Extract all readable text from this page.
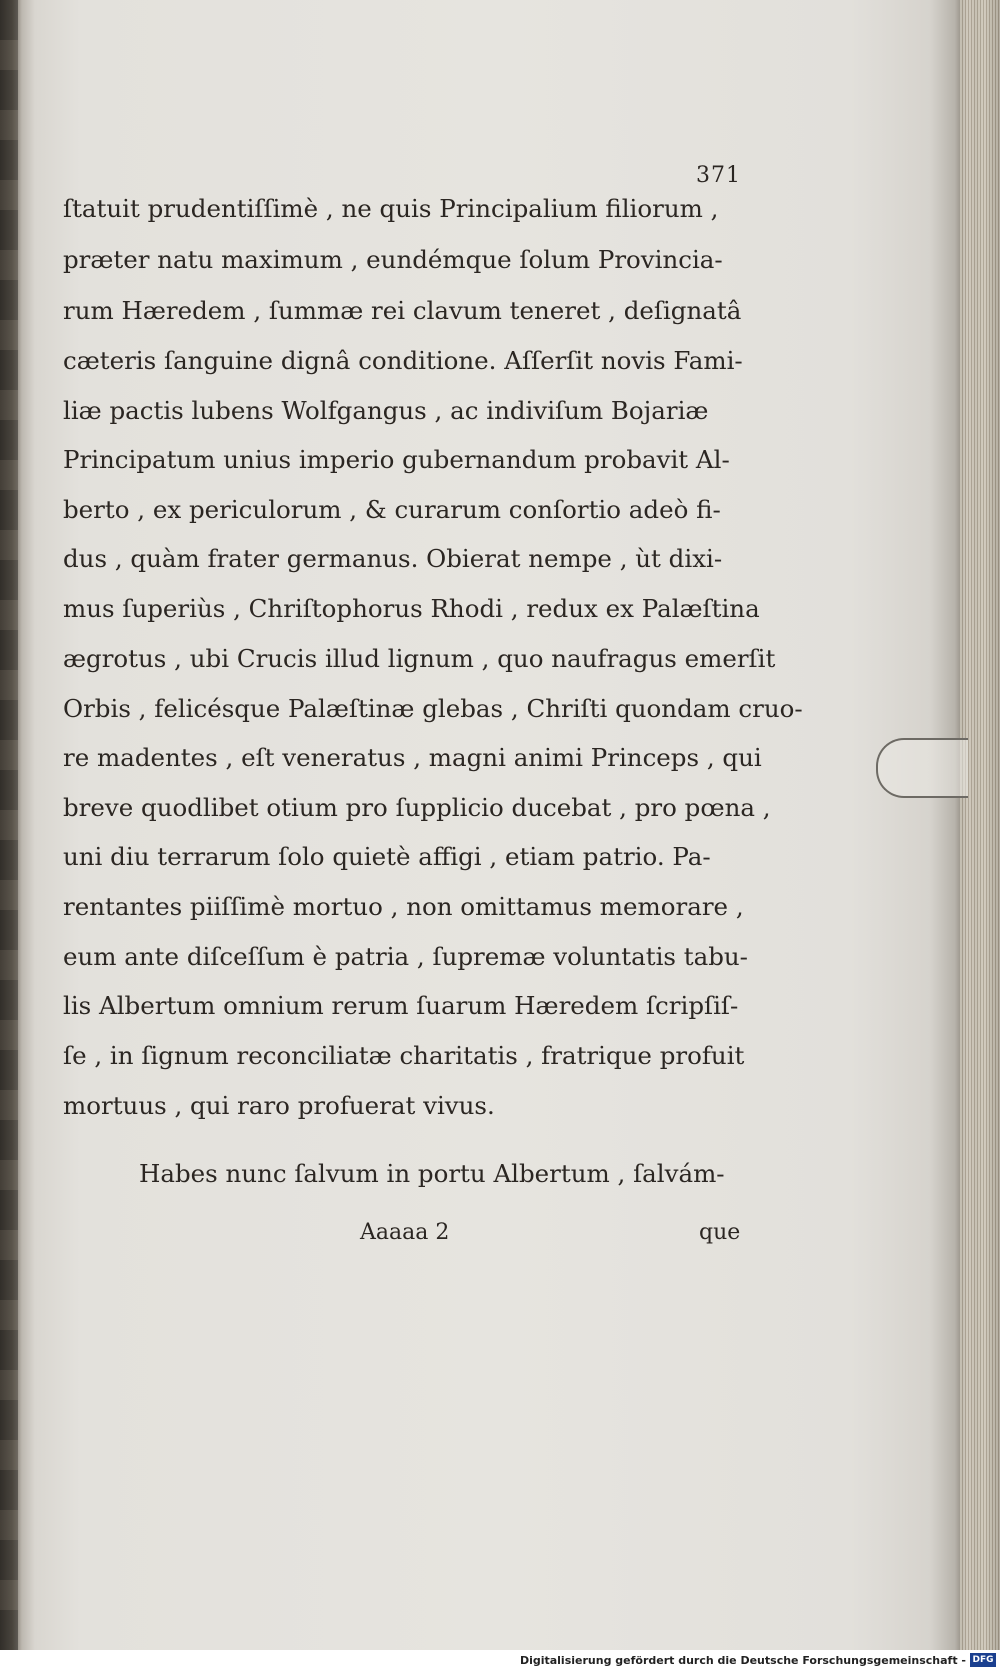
371
ſtatuit prudentiſſimè , ne quis Principalium filiorum ,
præter natu maximum , eundémque ſolum Provincia-
rum Hæredem , ſummæ rei clavum teneret , deſignatâ
cæteris ſanguine dignâ conditione. Aſſerſit novis Fami-
liæ pactis lubens Wolfgangus , ac indiviſum Bojariæ
Principatum unius imperio gubernandum probavit Al-
berto , ex periculorum , & curarum conſortio adeò fi-
dus , quàm frater germanus. Obierat nempe , ùt dixi-
mus ſuperiùs , Chriſtophorus Rhodi , redux ex Palæſtina
ægrotus , ubi Crucis illud lignum , quo naufragus emerſit
Orbis , felicésque Palæſtinæ glebas , Chriſti quondam cruo-
re madentes , eſt veneratus , magni animi Princeps , qui
breve quodlibet otium pro ſupplicio ducebat , pro pœna ,
uni diu terrarum ſolo quietè affigi , etiam patrio. Pa-
rentantes piiſſimè mortuo , non omittamus memorare ,
eum ante diſceſſum è patria , ſupremæ voluntatis tabu-
lis Albertum omnium rerum ſuarum Hæredem ſcripſiſ-
ſe , in ſignum reconciliatæ charitatis , fratrique profuit
mortuus , qui raro profuerat vivus.
Habes nunc ſalvum in portu Albertum , ſalvám-
Aaaaa 2	que
Digitalisierung gefördert durch die Deutsche Forschungsgemeinschaft - DFG
